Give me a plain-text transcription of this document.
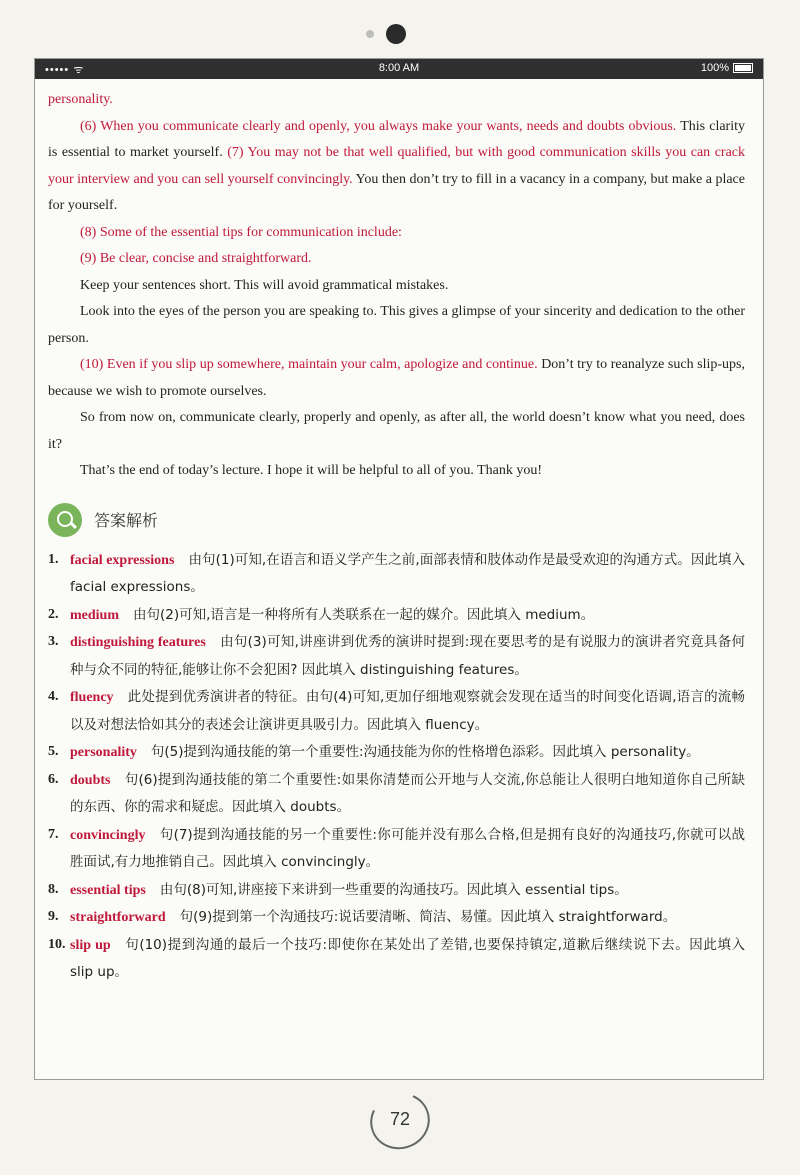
••••• ᯤ	8:00 AM	100%

personality.

(6) When you communicate clearly and openly, you always make your wants, needs and doubts obvious. This clarity is essential to market yourself. (7) You may not be that well qualified, but with good communication skills you can crack your interview and you can sell yourself convincingly. You then don’t try to fill in a vacancy in a company, but make a place for yourself.

(8) Some of the essential tips for communication include:

(9) Be clear, concise and straightforward.

Keep your sentences short. This will avoid grammatical mistakes.

Look into the eyes of the person you are speaking to. This gives a glimpse of your sincerity and dedication to the other person.

(10) Even if you slip up somewhere, maintain your calm, apologize and continue. Don’t try to reanalyze such slip-ups, because we wish to promote ourselves.

So from now on, communicate clearly, properly and openly, as after all, the world doesn’t know what you need, does it?

That’s the end of today’s lecture. I hope it will be helpful to all of you. Thank you!

答案解析
1. facial expressions 由句(1)可知,在语言和语义学产生之前,面部表情和肢体动作是最受欢迎的沟通方式。因此填入 facial expressions。
2. medium 由句(2)可知,语言是一种将所有人类联系在一起的媒介。因此填入 medium。
3. distinguishing features 由句(3)可知,讲座讲到优秀的演讲时提到:现在要思考的是有说服力的演讲者究竟具备何种与众不同的特征,能够让你不会犯困? 因此填入 distinguishing features。
4. fluency 此处提到优秀演讲者的特征。由句(4)可知,更加仔细地观察就会发现在适当的时间变化语调,语言的流畅以及对想法恰如其分的表述会让演讲更具吸引力。因此填入 fluency。
5. personality 句(5)提到沟通技能的第一个重要性:沟通技能为你的性格增色添彩。因此填入 personality。
6. doubts 句(6)提到沟通技能的第二个重要性:如果你清楚而公开地与人交流,你总能让人很明白地知道你自己所缺的东西、你的需求和疑虑。因此填入 doubts。
7. convincingly 句(7)提到沟通技能的另一个重要性:你可能并没有那么合格,但是拥有良好的沟通技巧,你就可以战胜面试,有力地推销自己。因此填入 convincingly。
8. essential tips 由句(8)可知,讲座接下来讲到一些重要的沟通技巧。因此填入 essential tips。
9. straightforward 句(9)提到第一个沟通技巧:说话要清晰、简洁、易懂。因此填入 straightforward。
10. slip up 句(10)提到沟通的最后一个技巧:即使你在某处出了差错,也要保持镇定,道歉后继续说下去。因此填入 slip up。
72
